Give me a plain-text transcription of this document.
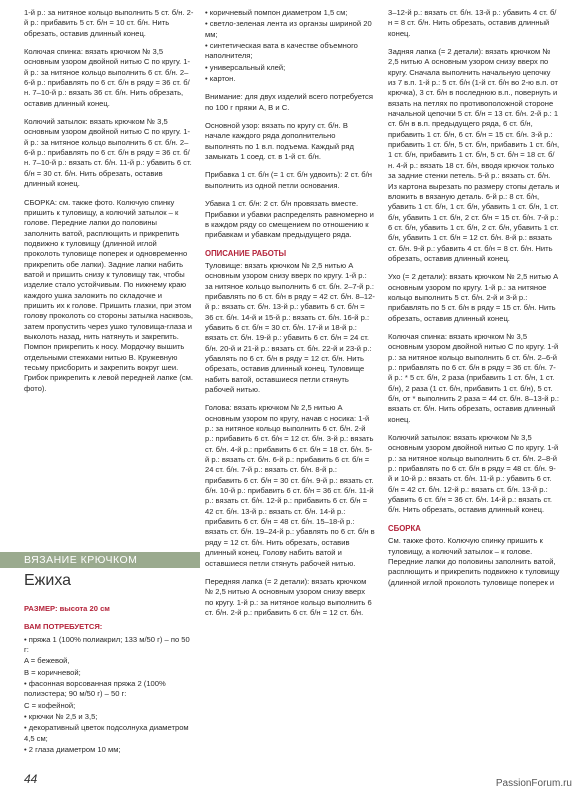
1-й р.: за нитяное кольцо выполнить 5 ст. б/н. 2-й р.: прибавить 5 ст. б/н = 10 ст. б/н. Нить обрезать, оставив длинный конец.

Колючая спинка: вязать крючком № 3,5 основным узором двойной нитью С по кругу. 1-й р.: за нитяное кольцо выполнить 6 ст. б/н. 2–6-й р.: прибавлять по 6 ст. б/н в ряду = 36 ст. б/н. 7–10-й р.: вязать 36 ст. б/н. Нить обрезать, оставив длинный конец.

Колючий затылок: вязать крючком № 3,5 основным узором двойной нитью С по кругу. 1-й р.: за нитяное кольцо выполнить 6 ст. б/н. 2–6-й р.: прибавлять по 6 ст. б/н в ряду = 36 ст. б/н. 7–10-й р.: вязать ст. б/н. 11-й р.: убавить 6 ст. б/н = 30 ст. б/н. Нить обрезать, оставив длинный конец.

СБОРКА: см. также фото. Колючую спинку пришить к туловищу, а колючий затылок – к голове. Передние лапки до половины заполнить ватой, расплющить и прикрепить подвижно к туловищу (длинной иглой проколоть туловище поперек и одновременно прикрепить обе лапки). Задние лапки набить ватой и пришить снизу к туловищу так, чтобы изделие стало устойчивым. По нижнему краю каждого ушка заложить по складочке и пришить их к голове. Пришить глазки, при этом голову проколоть со стороны затылка насквозь, затем пропустить через ушко туловища-глаза и выколоть назад, нить натянуть и закрепить. Помпон прикрепить к носу. Мордочку вышить отдельными стежками нитью В. Кружевную тесьму присборить и закрепить вокруг шеи. Грибок прикрепить к левой передней лапке (см. фото).

ВЯЗАНИЕ КРЮЧКОМ
Ежиха

РАЗМЕР: высота 20 см

ВАМ ПОТРЕБУЕТСЯ:

• пряжа 1 (100% полиакрил; 133 м/50 г) – по 50 г:
A = бежевой,
B = коричневой;
• фасонная ворсованная пряжа 2 (100% полиэстера; 90 м/50 г) – 50 г:
C = кофейной;
• крючки № 2,5 и 3,5;
• декоративный цветок подсолнуха диаметром 4,5 см;
• 2 глаза диаметром 10 мм;
44
• коричневый помпон диаметром 1,5 см;
• светло-зеленая лента из органзы шириной 20 мм;
• синтетическая вата в качестве объемного наполнителя;
• универсальный клей;
• картон.

Внимание: для двух изделий всего потребуется по 100 г пряжи A, B и C.

Основной узор: вязать по кругу ст. б/н. В начале каждого ряда дополнительно выполнять по 1 в.п. подъема. Каждый ряд замыкать 1 соед. ст. в 1-й ст. б/н.

Прибавка 1 ст. б/н (= 1 ст. б/н удвоить): 2 ст. б/н выполнить из одной петли основания.

Убавка 1 ст. б/н: 2 ст. б/н провязать вместе. Прибавки и убавки распределять равномерно и в каждом ряду со смещением по отношению к прибавкам и убавкам предыдущего ряда.

ОПИСАНИЕ РАБОТЫ

Туловище: вязать крючком № 2,5 нитью А основным узором снизу вверх по кругу. 1-й р.: за нитяное кольцо выполнить 6 ст. б/н. 2–7-й р.: прибавлять по 6 ст. б/н в ряду = 42 ст. б/н. 8–12-й р.: вязать ст. б/н. 13-й р.: убавить 6 ст. б/н = 36 ст. б/н. 14-й и 15-й р.: вязать ст. б/н. 16-й р.: убавить 6 ст. б/н = 30 ст. б/н. 17-й и 18-й р.: вязать ст. б/н. 19-й р.: убавить 6 ст. б/н = 24 ст. б/н. 20-й и 21-й р.: вязать ст. б/н. 22-й и 23-й р.: убавлять по 6 ст. б/н в ряду = 12 ст. б/н. Нить обрезать, оставив длинный конец. Туловище набить ватой, оставшиеся петли стянуть рабочей нитью.

Голова: вязать крючком № 2,5 нитью А основным узором по кругу, начав с носика: 1-й р.: за нитяное кольцо выполнить 6 ст. б/н. 2-й р.: прибавить 6 ст. б/н = 12 ст. б/н. 3-й р.: вязать ст. б/н. 4-й р.: прибавить 6 ст. б/н = 18 ст. б/н. 5-й р.: вязать ст. б/н. 6-й р.: прибавить 6 ст. б/н = 24 ст. б/н. 7-й р.: вязать ст. б/н. 8-й р.: прибавить 6 ст. б/н = 30 ст. б/н. 9-й р.: вязать ст. б/н. 10-й р.: прибавить 6 ст. б/н = 36 ст. б/н. 11-й р.: вязать ст. б/н. 12-й р.: прибавить 6 ст. б/н = 42 ст. б/н. 13-й р.: вязать ст. б/н. 14-й р.: прибавить 6 ст. б/н = 48 ст. б/н. 15–18-й р.: вязать ст. б/н. 19–24-й р.: убавлять по 6 ст. б/н в ряду = 12 ст. б/н. Нить обрезать, оставив длинный конец. Голову набить ватой и оставшиеся петли стянуть рабочей нитью.

Передняя лапка (= 2 детали): вязать крючком № 2,5 нитью А основным узором снизу вверх по кругу. 1-й р.: за нитяное кольцо выполнить 6 ст. б/н. 2-й р.: прибавить 6 ст. б/н = 12 ст. б/н.

3–12-й р.: вязать ст. б/н. 13-й р.: убавить 4 ст. б/н = 8 ст. б/н. Нить обрезать, оставив длинный конец.

Задняя лапка (= 2 детали): вязать крючком № 2,5 нитью А основным узором снизу вверх по кругу. Сначала выполнить начальную цепочку из 7 в.п. 1-й р.: 5 ст. б/н (1-й ст. б/н во 2-ю в.п. от крючка), 3 ст. б/н в последнюю в.п., повернуть и вязать на петлях по противоположной стороне начальной цепочки 5 ст. б/н = 13 ст. б/н. 2-й р.: 1 ст. б/н в в.п. предыдущего ряда, 6 ст. б/н, прибавить 1 ст. б/н, 6 ст. б/н = 15 ст. б/н. 3-й р.: прибавить 1 ст. б/н, 5 ст. б/н, прибавить 1 ст. б/н, 1 ст. б/н, прибавить 1 ст. б/н, 5 ст. б/н = 18 ст. б/н. 4-й р.: вязать 18 ст. б/н, вводя крючок только за задние стенки петель. 5-й р.: вязать ст. б/н. Из картона вырезать по размеру стопы деталь и вложить в вязаную деталь. 6-й р.: 8 ст. б/н, убавить 1 ст. б/н, 1 ст. б/н, убавить 1 ст. б/н, 1 ст. б/н, убавить 1 ст. б/н, 2 ст. б/н = 15 ст. б/н. 7-й р.: 6 ст. б/н, убавить 1 ст. б/н, 2 ст. б/н, убавить 1 ст. б/н, убавить 1 ст. б/н = 12 ст. б/н. 8-й р.: вязать ст. б/н. 9-й р.: убавить 4 ст. б/н = 8 ст. б/н. Нить обрезать, оставив длинный конец.

Ухо (= 2 детали): вязать крючком № 2,5 нитью А основным узором по кругу. 1-й р.: за нитяное кольцо выполнить 5 ст. б/н. 2-й и 3-й р.: прибавлять по 5 ст. б/н в ряду = 15 ст. б/н. Нить обрезать, оставив длинный конец.

Колючая спинка: вязать крючком № 3,5 основным узором двойной нитью С по кругу. 1-й р.: за нитяное кольцо выполнить 6 ст. б/н. 2–6-й р.: прибавлять по 6 ст. б/н в ряду = 36 ст. б/н. 7-й р.: * 5 ст. б/н, 2 раза (прибавить 1 ст. б/н, 1 ст. б/н), 2 раза (1 ст. б/н, прибавить 1 ст. б/н), 5 ст. б/н, от * выполнить 2 раза = 44 ст. б/н. 8–13-й р.: вязать ст. б/н. Нить обрезать, оставив длинный конец.

Колючий затылок: вязать крючком № 3,5 основным узором двойной нитью С по кругу. 1-й р.: за нитяное кольцо выполнить 6 ст. б/н. 2–8-й р.: прибавлять по 6 ст. б/н в ряду = 48 ст. б/н. 9-й и 10-й р.: вязать ст. б/н. 11-й р.: убавить 6 ст. б/н = 42 ст. б/н. 12-й р.: вязать ст. б/н. 13-й р.: убавить 6 ст. б/н = 36 ст. б/н. 14-й р.: вязать ст. б/н. Нить обрезать, оставив длинный конец.

СБОРКА

См. также фото. Колючую спинку пришить к туловищу, а колючий затылок – к голове. Передние лапки до половины заполнить ватой, расплющить и прикрепить подвижно к туловищу (длинной иглой проколоть туловище поперек и

PassionForum.ru
